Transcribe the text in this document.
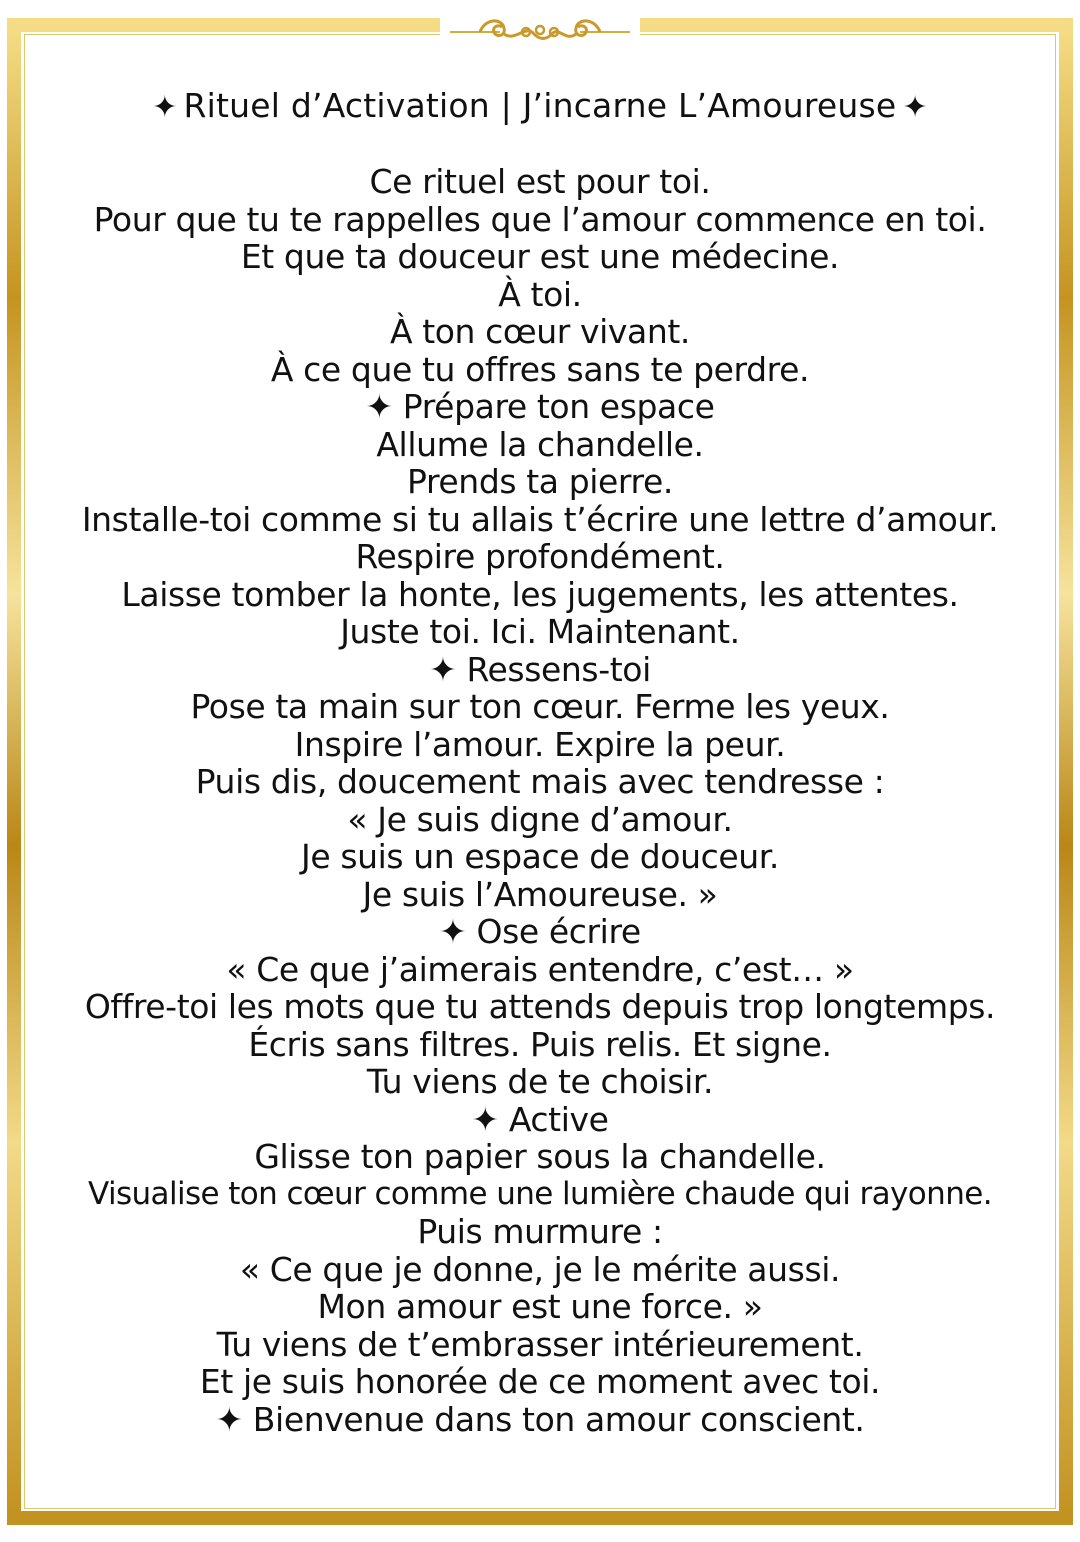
✦ Rituel d’Activation | J’incarne L’Amoureuse ✦
Ce rituel est pour toi.
Pour que tu te rappelles que l’amour commence en toi.
Et que ta douceur est une médecine.
À toi.
À ton cœur vivant.
À ce que tu offres sans te perdre.
✦ Prépare ton espace
Allume la chandelle.
Prends ta pierre.
Installe-toi comme si tu allais t’écrire une lettre d’amour.
Respire profondément.
Laisse tomber la honte, les jugements, les attentes.
Juste toi. Ici. Maintenant.
✦ Ressens-toi
Pose ta main sur ton cœur. Ferme les yeux.
Inspire l’amour. Expire la peur.
Puis dis, doucement mais avec tendresse :
« Je suis digne d’amour.
Je suis un espace de douceur.
Je suis l’Amoureuse. »
✦ Ose écrire
« Ce que j’aimerais entendre, c’est… »
Offre-toi les mots que tu attends depuis trop longtemps.
Écris sans filtres. Puis relis. Et signe.
Tu viens de te choisir.
✦ Active
Glisse ton papier sous la chandelle.
Visualise ton cœur comme une lumière chaude qui rayonne.
Puis murmure :
« Ce que je donne, je le mérite aussi.
Mon amour est une force. »
Tu viens de t’embrasser intérieurement.
Et je suis honorée de ce moment avec toi.
✦ Bienvenue dans ton amour conscient.
